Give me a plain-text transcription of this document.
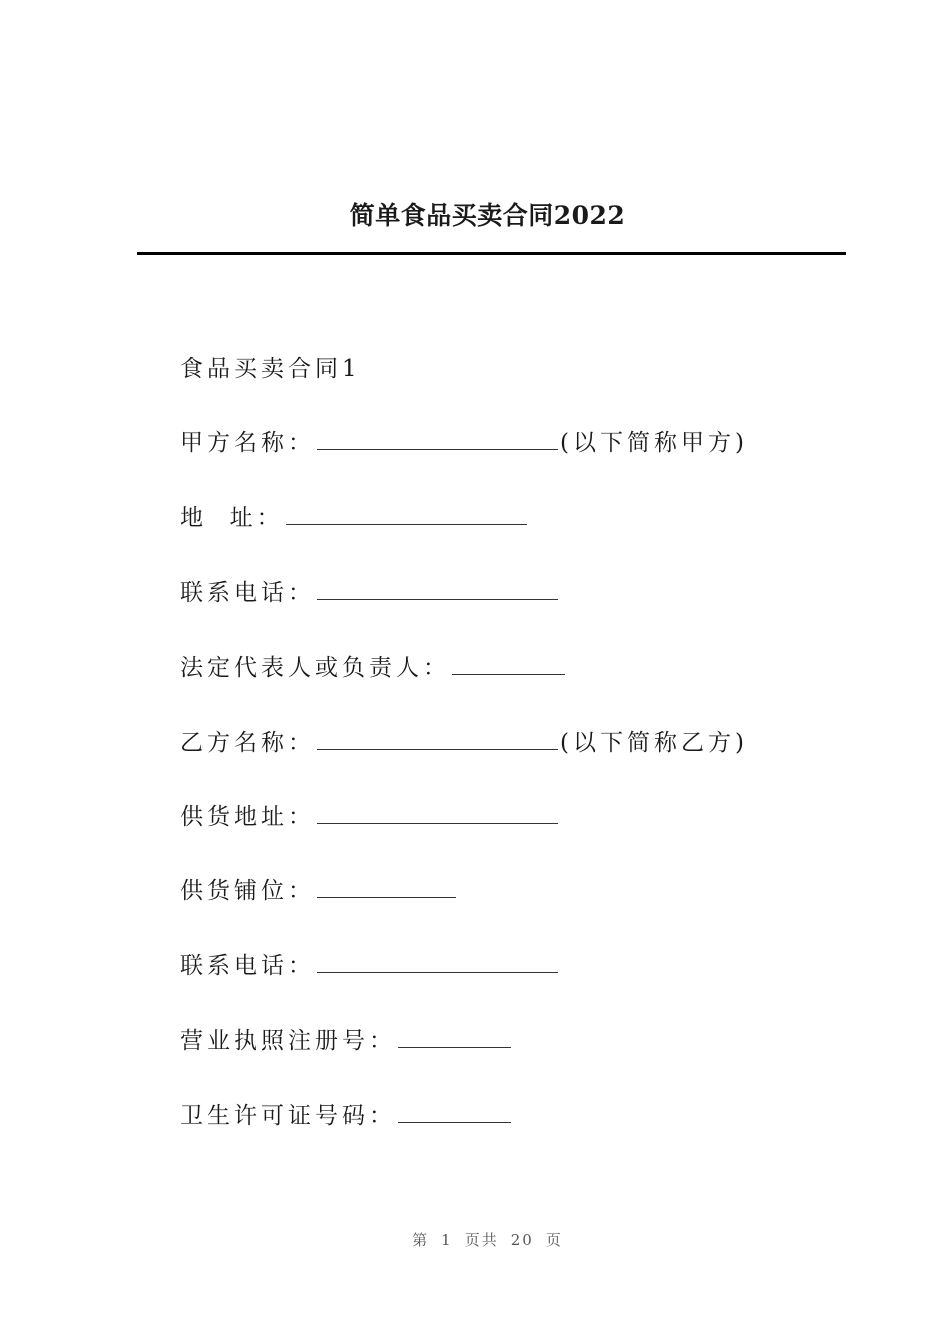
简单食品买卖合同2022
食品买卖合同1
甲方名称：	(以下简称甲方)
地  址：
联系电话：
法定代表人或负责人：
乙方名称：	(以下简称乙方)
供货地址：
供货铺位：
联系电话：
营业执照注册号：
卫生许可证号码：
第 1 页共 20 页
